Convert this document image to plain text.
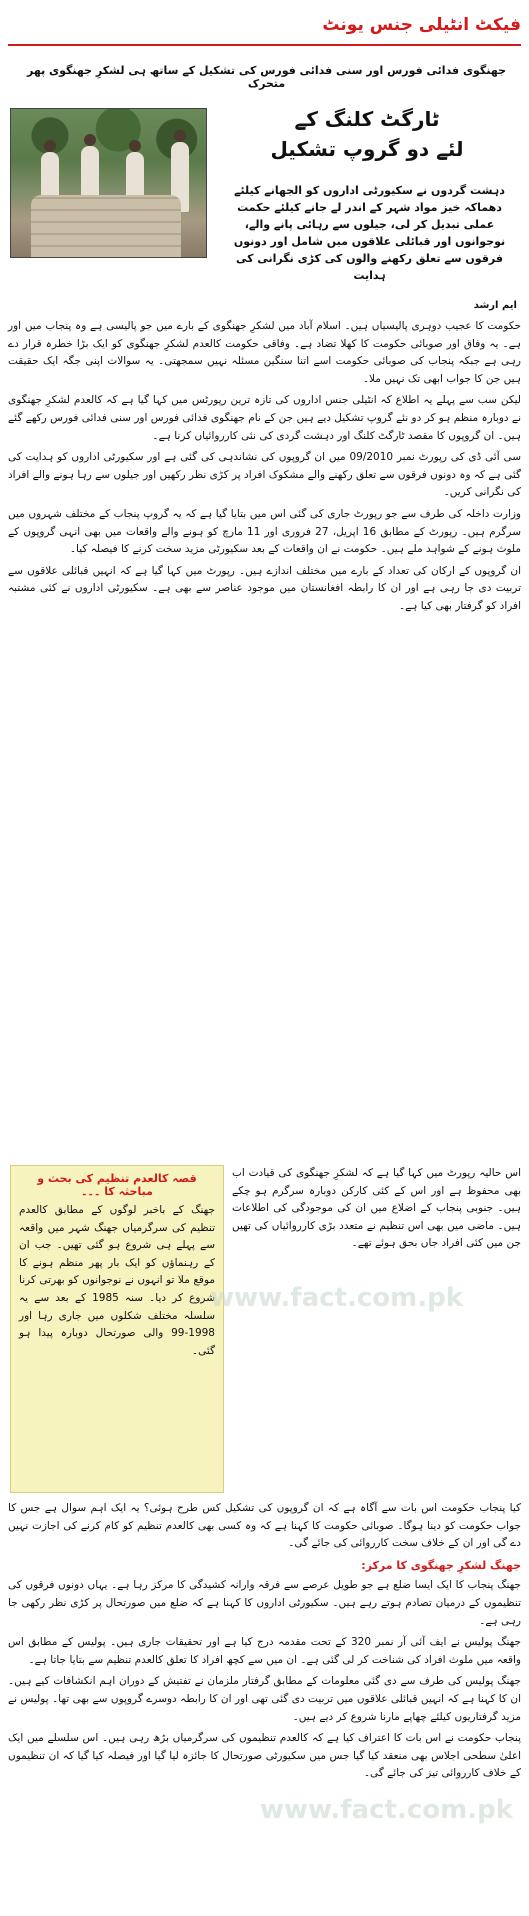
فیکٹ انٹیلی جنس یونٹ
جھنگوی فدائی فورس اور سنی فدائی فورس کی تشکیل کے ساتھ ہی لشکرِ جھنگوی پھر متحرک
ٹارگٹ کلنگ کے
لئے دو گروپ تشکیل
دہشت گردوں نے سکیورٹی اداروں کو الجھانے کیلئے دھماکہ خیز مواد شہر کے اندر لے جانے کیلئے حکمت عملی تبدیل کر لی، جیلوں سے رہائی پانے والے، نوجوانوں اور قبائلی علاقوں میں شامل اور دونوں فرقوں سے تعلق رکھنے والوں کی کڑی نگرانی کی ہدایت
ایم ارشد

حکومت کا عجیب دوہری پالیسیاں ہیں۔ اسلام آباد میں لشکرِ جھنگوی کے بارے میں جو پالیسی ہے وہ پنجاب میں اور ہے۔ یہ وفاق اور صوبائی حکومت کا کھلا تضاد ہے۔ وفاقی حکومت کالعدم لشکرِ جھنگوی کو ایک بڑا خطرہ قرار دے رہی ہے جبکہ پنجاب کی صوبائی حکومت اسے اتنا سنگین مسئلہ نہیں سمجھتی۔ یہ سوالات اپنی جگہ ایک حقیقت ہیں جن کا جواب ابھی تک نہیں ملا۔

لیکن سب سے پہلے یہ اطلاع کہ انٹیلی جنس اداروں کی تازہ ترین رپورٹس میں کہا گیا ہے کہ کالعدم لشکرِ جھنگوی نے دوبارہ منظم ہو کر دو نئے گروپ تشکیل دیے ہیں جن کے نام جھنگوی فدائی فورس اور سنی فدائی فورس رکھے گئے ہیں۔ ان گروپوں کا مقصد ٹارگٹ کلنگ اور دہشت گردی کی نئی کارروائیاں کرنا ہے۔

سی آئی ڈی کی رپورٹ نمبر 09/2010 میں ان گروپوں کی نشاندہی کی گئی ہے اور سکیورٹی اداروں کو ہدایت کی گئی ہے کہ وہ دونوں فرقوں سے تعلق رکھنے والے مشکوک افراد پر کڑی نظر رکھیں اور جیلوں سے رہا ہونے والے افراد کی نگرانی کریں۔

وزارت داخلہ کی طرف سے جو رپورٹ جاری کی گئی اس میں بتایا گیا ہے کہ یہ گروپ پنجاب کے مختلف شہروں میں سرگرم ہیں۔ رپورٹ کے مطابق 16 اپریل، 27 فروری اور 11 مارچ کو ہونے والے واقعات میں بھی انہی گروپوں کے ملوث ہونے کے شواہد ملے ہیں۔ حکومت نے ان واقعات کے بعد سکیورٹی مزید سخت کرنے کا فیصلہ کیا۔

ان گروپوں کے ارکان کی تعداد کے بارے میں مختلف اندازے ہیں۔ رپورٹ میں کہا گیا ہے کہ انہیں قبائلی علاقوں سے تربیت دی جا رہی ہے اور ان کا رابطہ افغانستان میں موجود عناصر سے بھی ہے۔ سکیورٹی اداروں نے کئی مشتبہ افراد کو گرفتار بھی کیا ہے۔

قصہ کالعدم تنظیم کی بحث و مباحثہ کا ۔۔۔
جھنگ کے باخبر لوگوں کے مطابق کالعدم تنظیم کی سرگرمیاں جھنگ شہر میں واقعہ سے پہلے ہی شروع ہو گئی تھیں۔ جب ان کے رہنماؤں کو ایک بار پھر منظم ہونے کا موقع ملا تو انہوں نے نوجوانوں کو بھرتی کرنا شروع کر دیا۔ سنہ 1985 کے بعد سے یہ سلسلہ مختلف شکلوں میں جاری رہا اور 1998-99 والی صورتحال دوبارہ پیدا ہو گئی۔

اس حالیہ رپورٹ میں کہا گیا ہے کہ لشکرِ جھنگوی کی قیادت اب بھی محفوظ ہے اور اس کے کئی کارکن دوبارہ سرگرم ہو چکے ہیں۔ جنوبی پنجاب کے اضلاع میں ان کی موجودگی کی اطلاعات ہیں۔ ماضی میں بھی اس تنظیم نے متعدد بڑی کارروائیاں کی تھیں جن میں کئی افراد جاں بحق ہوئے تھے۔

کیا پنجاب حکومت اس بات سے آگاہ ہے کہ ان گروپوں کی تشکیل کس طرح ہوئی؟ یہ ایک اہم سوال ہے جس کا جواب حکومت کو دینا ہوگا۔ صوبائی حکومت کا کہنا ہے کہ وہ کسی بھی کالعدم تنظیم کو کام کرنے کی اجازت نہیں دے گی اور ان کے خلاف سخت کارروائی کی جائے گی۔

جھنگ لشکرِ جھنگوی کا مرکز:

جھنگ پنجاب کا ایک ایسا ضلع ہے جو طویل عرصے سے فرقہ وارانہ کشیدگی کا مرکز رہا ہے۔ یہاں دونوں فرقوں کی تنظیموں کے درمیان تصادم ہوتے رہے ہیں۔ سکیورٹی اداروں کا کہنا ہے کہ ضلع میں صورتحال پر کڑی نظر رکھی جا رہی ہے۔

جھنگ پولیس نے ایف آئی آر نمبر 320 کے تحت مقدمہ درج کیا ہے اور تحقیقات جاری ہیں۔ پولیس کے مطابق اس واقعہ میں ملوث افراد کی شناخت کر لی گئی ہے۔ ان میں سے کچھ افراد کا تعلق کالعدم تنظیم سے بتایا جاتا ہے۔

جھنگ پولیس کی طرف سے دی گئی معلومات کے مطابق گرفتار ملزمان نے تفتیش کے دوران اہم انکشافات کیے ہیں۔ ان کا کہنا ہے کہ انہیں قبائلی علاقوں میں تربیت دی گئی تھی اور ان کا رابطہ دوسرے گروپوں سے بھی تھا۔ پولیس نے مزید گرفتاریوں کیلئے چھاپے مارنا شروع کر دیے ہیں۔

پنجاب حکومت نے اس بات کا اعتراف کیا ہے کہ کالعدم تنظیموں کی سرگرمیاں بڑھ رہی ہیں۔ اس سلسلے میں ایک اعلیٰ سطحی اجلاس بھی منعقد کیا گیا جس میں سکیورٹی صورتحال کا جائزہ لیا گیا اور فیصلہ کیا گیا کہ ان تنظیموں کے خلاف کارروائی تیز کی جائے گی۔

www.fact.com.pk
www.fact.com.pk
